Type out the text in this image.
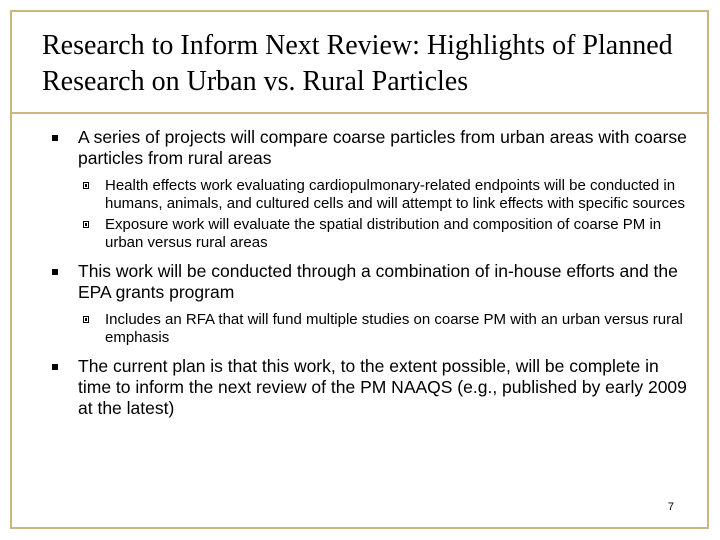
Research to Inform Next Review: Highlights of Planned Research on Urban vs. Rural Particles
A series of projects will compare coarse particles from urban areas with coarse particles from rural areas
Health effects work evaluating cardiopulmonary-related endpoints will be conducted in humans, animals, and cultured cells and will attempt to link effects with specific sources
Exposure work will evaluate the spatial distribution and composition of coarse PM in urban versus rural areas
This work will be conducted through a combination of in-house efforts and the EPA grants program
Includes an RFA that will fund multiple studies on coarse PM with an urban versus rural emphasis
The current plan is that this work, to the extent possible, will be complete in time to inform the next review of the PM NAAQS (e.g., published by early 2009 at the latest)
7
